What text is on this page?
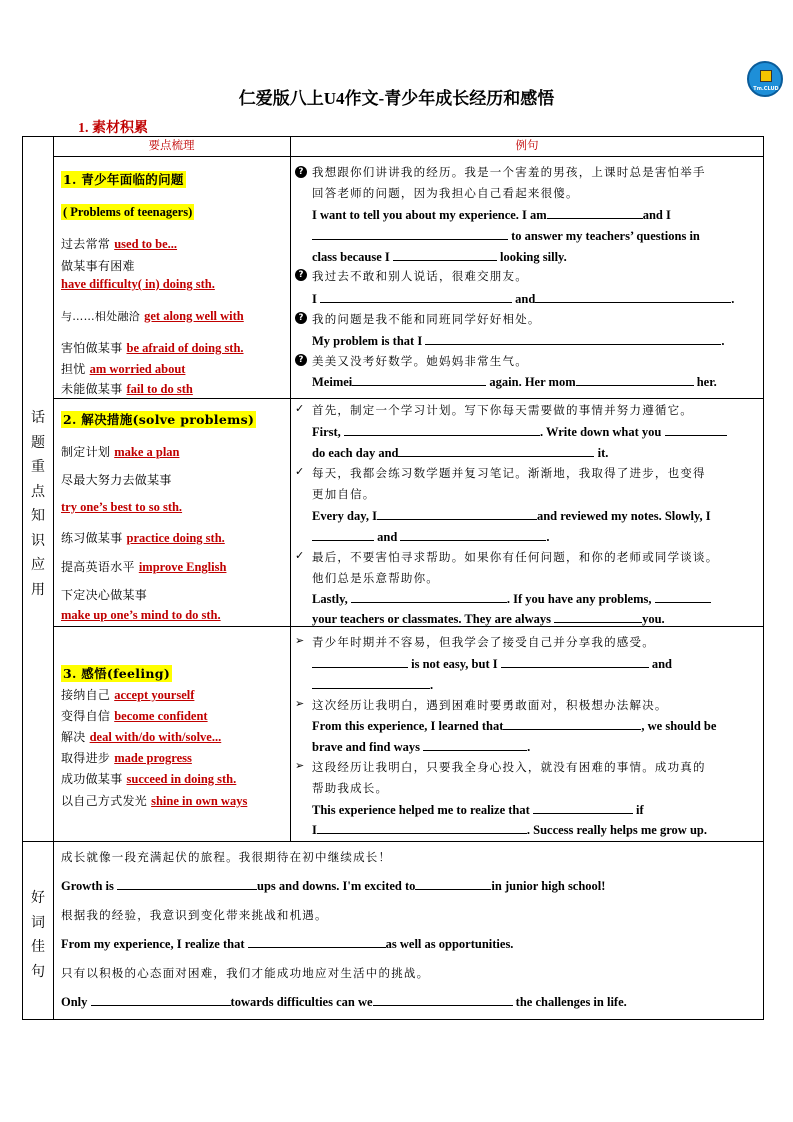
Tm.CLUD
仁爱版八上U4作文-青少年成长经历和感悟
1. 素材积累
要点梳理	例句
话题重点知识应用
好词佳句
1. 青少年面临的问题
( Problems of teenagers)
过去常常 used to be...
做某事有困难
have difficulty( in) doing sth.
与……相处融洽 get along well with
害怕做某事 be afraid of doing sth.
担忧 am worried about
未能做某事 fail to do sth
? 我想跟你们讲讲我的经历。我是一个害羞的男孩，上课时总是害怕举手
回答老师的问题，因为我担心自己看起来很傻。
I want to tell you about my experience. I am	and I
to answer my teachers’ questions in
class because I	looking silly.
? 我过去不敢和别人说话，很难交朋友。
I	and	.
? 我的问题是我不能和同班同学好好相处。
My problem is that I	.
? 美美又没考好数学。她妈妈非常生气。
Meimei	again. Her mom	her.
2. 解决措施(solve problems)
制定计划 make a plan
尽最大努力去做某事
try one’s best to so sth.
练习做某事 practice doing sth.
提高英语水平 improve English
下定决心做某事
make up one’s mind to do sth.
✓ 首先，制定一个学习计划。写下你每天需要做的事情并努力遵循它。
First,	. Write down what you
do each day and	it.
✓ 每天，我都会练习数学题并复习笔记。渐渐地，我取得了进步，也变得
更加自信。
Every day, I	and reviewed my notes. Slowly, I
and	.
✓ 最后，不要害怕寻求帮助。如果你有任何问题，和你的老师或同学谈谈。
他们总是乐意帮助你。
Lastly,	. If you have any problems,
your teachers or classmates. They are always	you.
3. 感悟(feeling)
接纳自己 accept yourself
变得自信 become confident
解决 deal with/do with/solve...
取得进步 made progress
成功做某事 succeed in doing sth.
以自己方式发光 shine in own ways
➢ 青少年时期并不容易，但我学会了接受自己并分享我的感受。
is not easy, but I	and
.
➢ 这次经历让我明白，遇到困难时要勇敢面对，积极想办法解决。
From this experience, I learned that	, we should be
brave and find ways	.
➢ 这段经历让我明白，只要我全身心投入，就没有困难的事情。成功真的
帮助我成长。
This experience helped me to realize that	if
I	. Success really helps me grow up.
成长就像一段充满起伏的旅程。我很期待在初中继续成长！
Growth is	ups and downs. I'm excited to	in junior high school!
根据我的经验，我意识到变化带来挑战和机遇。
From my experience, I realize that	as well as opportunities.
只有以积极的心态面对困难，我们才能成功地应对生活中的挑战。
Only	towards difficulties can we	the challenges in life.
